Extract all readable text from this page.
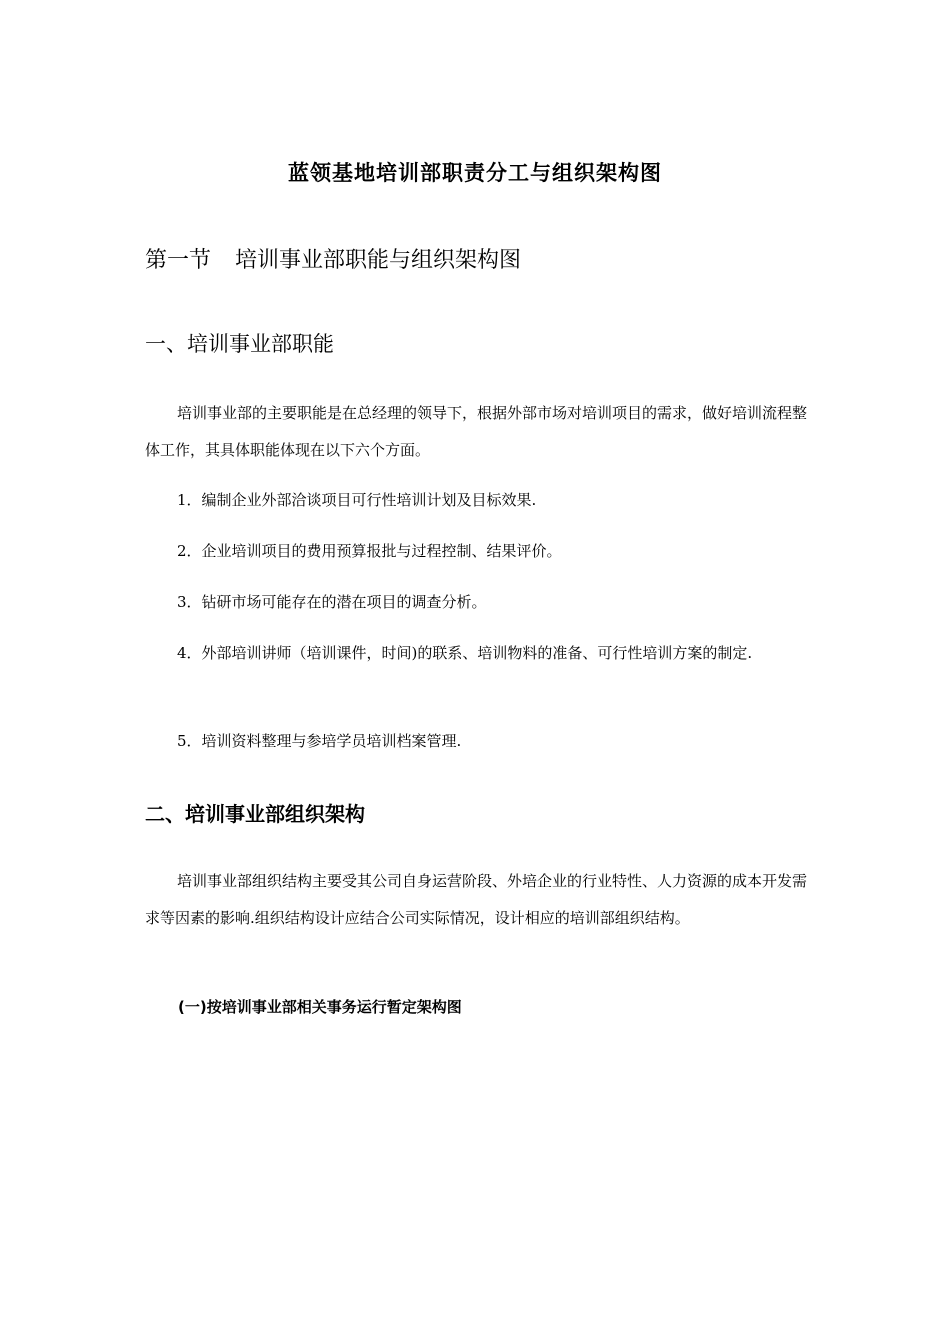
蓝领基地培训部职责分工与组织架构图
第一节 培训事业部职能与组织架构图
一、培训事业部职能
培训事业部的主要职能是在总经理的领导下，根据外部市场对培训项目的需求，做好培训流程整体工作，其具体职能体现在以下六个方面。
1．编制企业外部洽谈项目可行性培训计划及目标效果.
2．企业培训项目的费用预算报批与过程控制、结果评价。
3．钻研市场可能存在的潜在项目的调查分析。
4．外部培训讲师（培训课件，时间)的联系、培训物料的准备、可行性培训方案的制定.
5．培训资料整理与参培学员培训档案管理.
二、培训事业部组织架构
培训事业部组织结构主要受其公司自身运营阶段、外培企业的行业特性、人力资源的成本开发需求等因素的影响.组织结构设计应结合公司实际情况，设计相应的培训部组织结构。
(一)按培训事业部相关事务运行暂定架构图
